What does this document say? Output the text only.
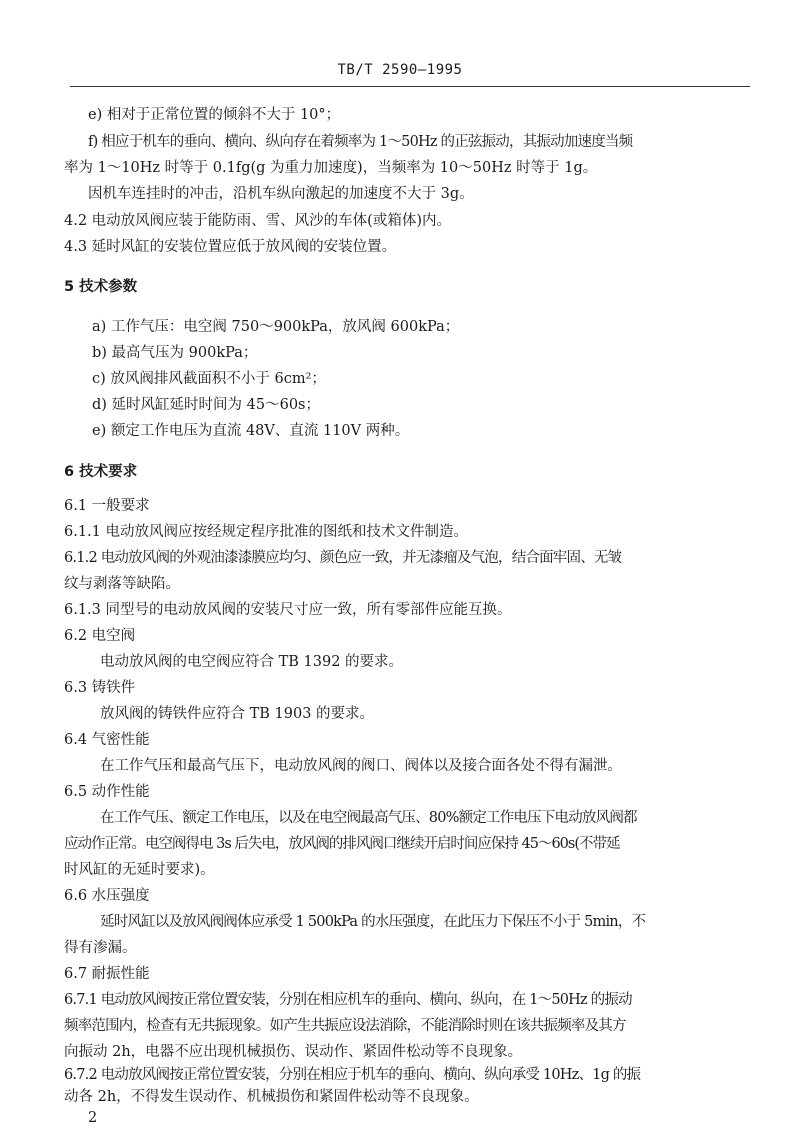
TB/T 2590—1995
e) 相对于正常位置的倾斜不大于 10°；
f) 相应于机车的垂向、横向、纵向存在着频率为 1～50Hz 的正弦振动，其振动加速度当频
率为 1～10Hz 时等于 0.1fg(g 为重力加速度)，当频率为 10～50Hz 时等于 1g。
因机车连挂时的冲击，沿机车纵向激起的加速度不大于 3g。
4.2 电动放风阀应装于能防雨、雪、风沙的车体(或箱体)内。
4.3 延时风缸的安装位置应低于放风阀的安装位置。
5 技术参数
a) 工作气压：电空阀 750～900kPa，放风阀 600kPa；
b) 最高气压为 900kPa；
c) 放风阀排风截面积不小于 6cm²；
d) 延时风缸延时时间为 45～60s；
e) 额定工作电压为直流 48V、直流 110V 两种。
6 技术要求
6.1 一般要求
6.1.1 电动放风阀应按经规定程序批准的图纸和技术文件制造。
6.1.2 电动放风阀的外观油漆漆膜应均匀、颜色应一致，并无漆瘤及气泡，结合面牢固、无皱
纹与剥落等缺陷。
6.1.3 同型号的电动放风阀的安装尺寸应一致，所有零部件应能互换。
6.2 电空阀
电动放风阀的电空阀应符合 TB 1392 的要求。
6.3 铸铁件
放风阀的铸铁件应符合 TB 1903 的要求。
6.4 气密性能
在工作气压和最高气压下，电动放风阀的阀口、阀体以及接合面各处不得有漏泄。
6.5 动作性能
在工作气压、额定工作电压，以及在电空阀最高气压、80%额定工作电压下电动放风阀都
应动作正常。电空阀得电 3s 后失电，放风阀的排风阀口继续开启时间应保持 45～60s(不带延
时风缸的无延时要求)。
6.6 水压强度
延时风缸以及放风阀阀体应承受 1 500kPa 的水压强度，在此压力下保压不小于 5min，不
得有渗漏。
6.7 耐振性能
6.7.1 电动放风阀按正常位置安装，分别在相应机车的垂向、横向、纵向，在 1～50Hz 的振动
频率范围内，检查有无共振现象。如产生共振应设法消除，不能消除时则在该共振频率及其方
向振动 2h，电器不应出现机械损伤、误动作、紧固件松动等不良现象。
6.7.2 电动放风阀按正常位置安装，分别在相应于机车的垂向、横向、纵向承受 10Hz、1g 的振
动各 2h，不得发生误动作、机械损伤和紧固件松动等不良现象。
2
